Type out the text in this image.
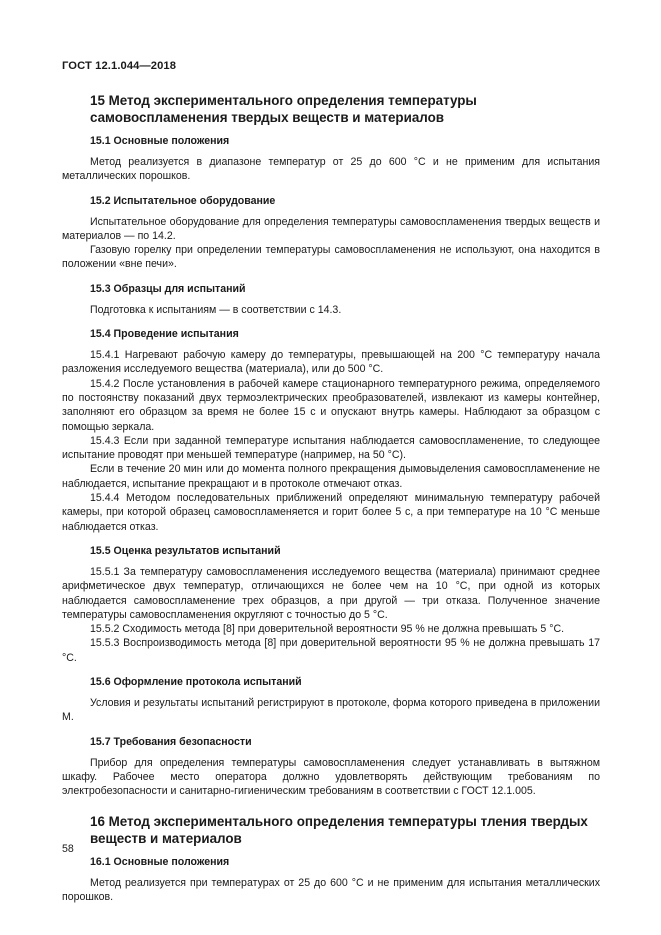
ГОСТ 12.1.044—2018
15 Метод экспериментального определения температуры самовоспламенения твердых веществ и материалов
15.1 Основные положения

Метод реализуется в диапазоне температур от 25 до 600 °С и не применим для испытания металлических порошков.

15.2 Испытательное оборудование

Испытательное оборудование для определения температуры самовоспламенения твердых веществ и материалов — по 14.2.

Газовую горелку при определении температуры самовоспламенения не используют, она находится в положении «вне печи».

15.3 Образцы для испытаний

Подготовка к испытаниям — в соответствии с 14.3.

15.4 Проведение испытания

15.4.1 Нагревают рабочую камеру до температуры, превышающей на 200 °С температуру начала разложения исследуемого вещества (материала), или до 500 °С.

15.4.2 После установления в рабочей камере стационарного температурного режима, определяемого по постоянству показаний двух термоэлектрических преобразователей, извлекают из камеры контейнер, заполняют его образцом за время не более 15 с и опускают внутрь камеры. Наблюдают за образцом с помощью зеркала.

15.4.3 Если при заданной температуре испытания наблюдается самовоспламенение, то следующее испытание проводят при меньшей температуре (например, на 50 °С).

Если в течение 20 мин или до момента полного прекращения дымовыделения самовоспламенение не наблюдается, испытание прекращают и в протоколе отмечают отказ.

15.4.4 Методом последовательных приближений определяют минимальную температуру рабочей камеры, при которой образец самовоспламеняется и горит более 5 с, а при температуре на 10 °С меньше наблюдается отказ.

15.5 Оценка результатов испытаний

15.5.1 За температуру самовоспламенения исследуемого вещества (материала) принимают среднее арифметическое двух температур, отличающихся не более чем на 10 °С, при одной из которых наблюдается самовоспламенение трех образцов, а при другой — три отказа. Полученное значение температуры самовоспламенения округляют с точностью до 5 °С.

15.5.2 Сходимость метода [8] при доверительной вероятности 95 % не должна превышать 5 °С.

15.5.3 Воспроизводимость метода [8] при доверительной вероятности 95 % не должна превышать 17 °С.

15.6 Оформление протокола испытаний

Условия и результаты испытаний регистрируют в протоколе, форма которого приведена в приложении М.

15.7 Требования безопасности

Прибор для определения температуры самовоспламенения следует устанавливать в вытяжном шкафу. Рабочее место оператора должно удовлетворять действующим требованиям по электробезопасности и санитарно-гигиеническим требованиям в соответствии с ГОСТ 12.1.005.

16 Метод экспериментального определения температуры тления твердых веществ и материалов
16.1 Основные положения

Метод реализуется при температурах от 25 до 600 °С и не применим для испытания металлических порошков.

58
